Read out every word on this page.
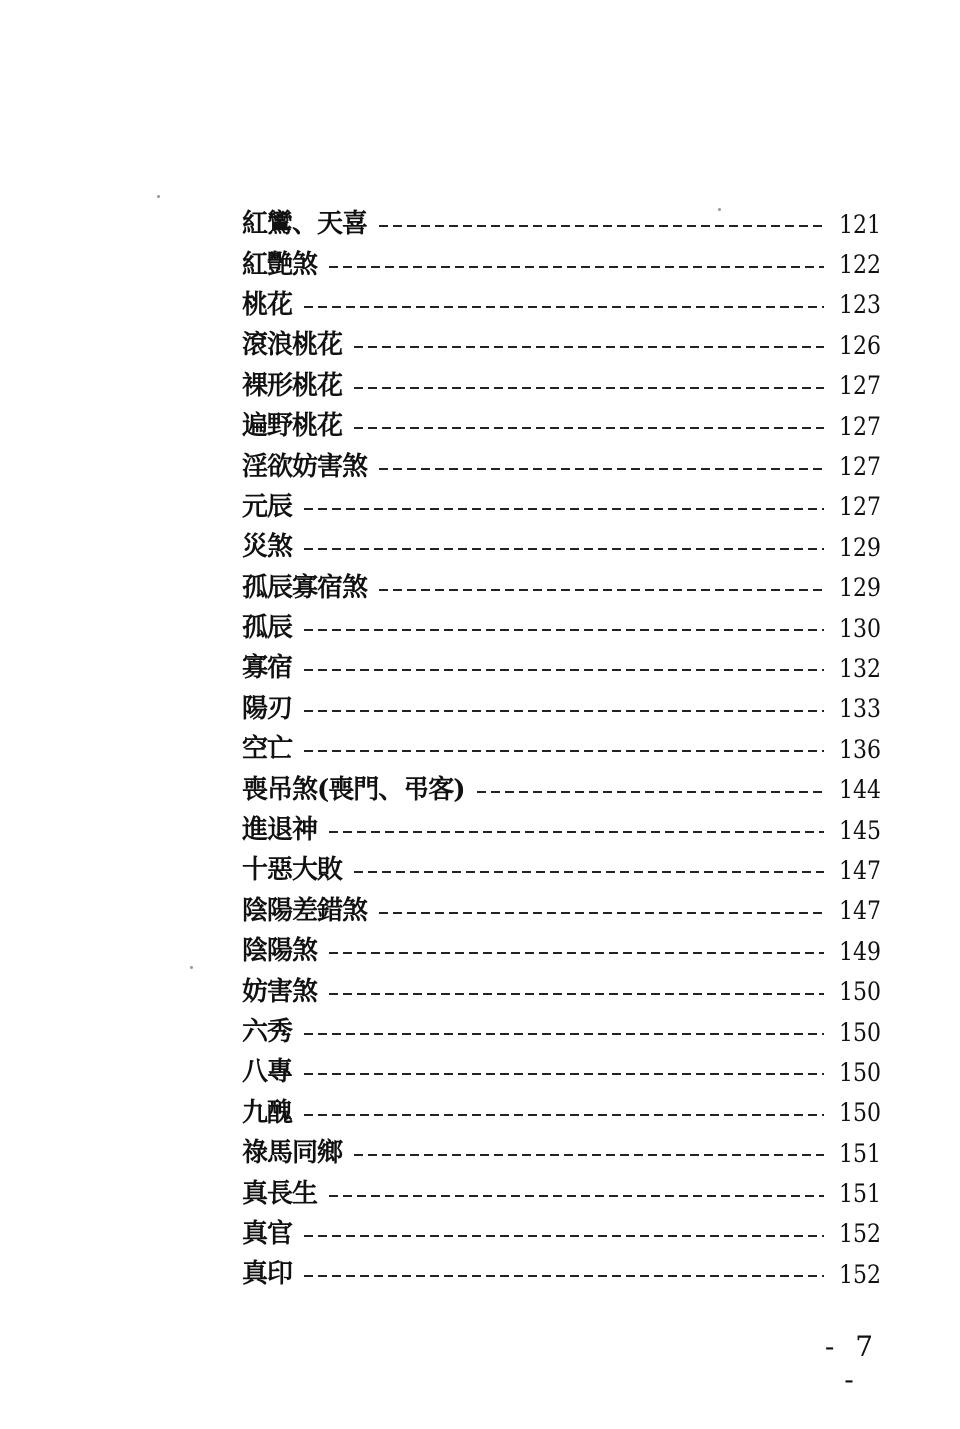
紅鸞、天喜	121
紅艷煞	122
桃花	123
滾浪桃花	126
裸形桃花	127
遍野桃花	127
淫欲妨害煞	127
元辰	127
災煞	129
孤辰寡宿煞	129
孤辰	130
寡宿	132
陽刃	133
空亡	136
喪吊煞(喪門、弔客)	144
進退神	145
十惡大敗	147
陰陽差錯煞	147
陰陽煞	149
妨害煞	150
六秀	150
八專	150
九醜	150
祿馬同鄉	151
真長生	151
真官	152
真印	152
- 7 -
